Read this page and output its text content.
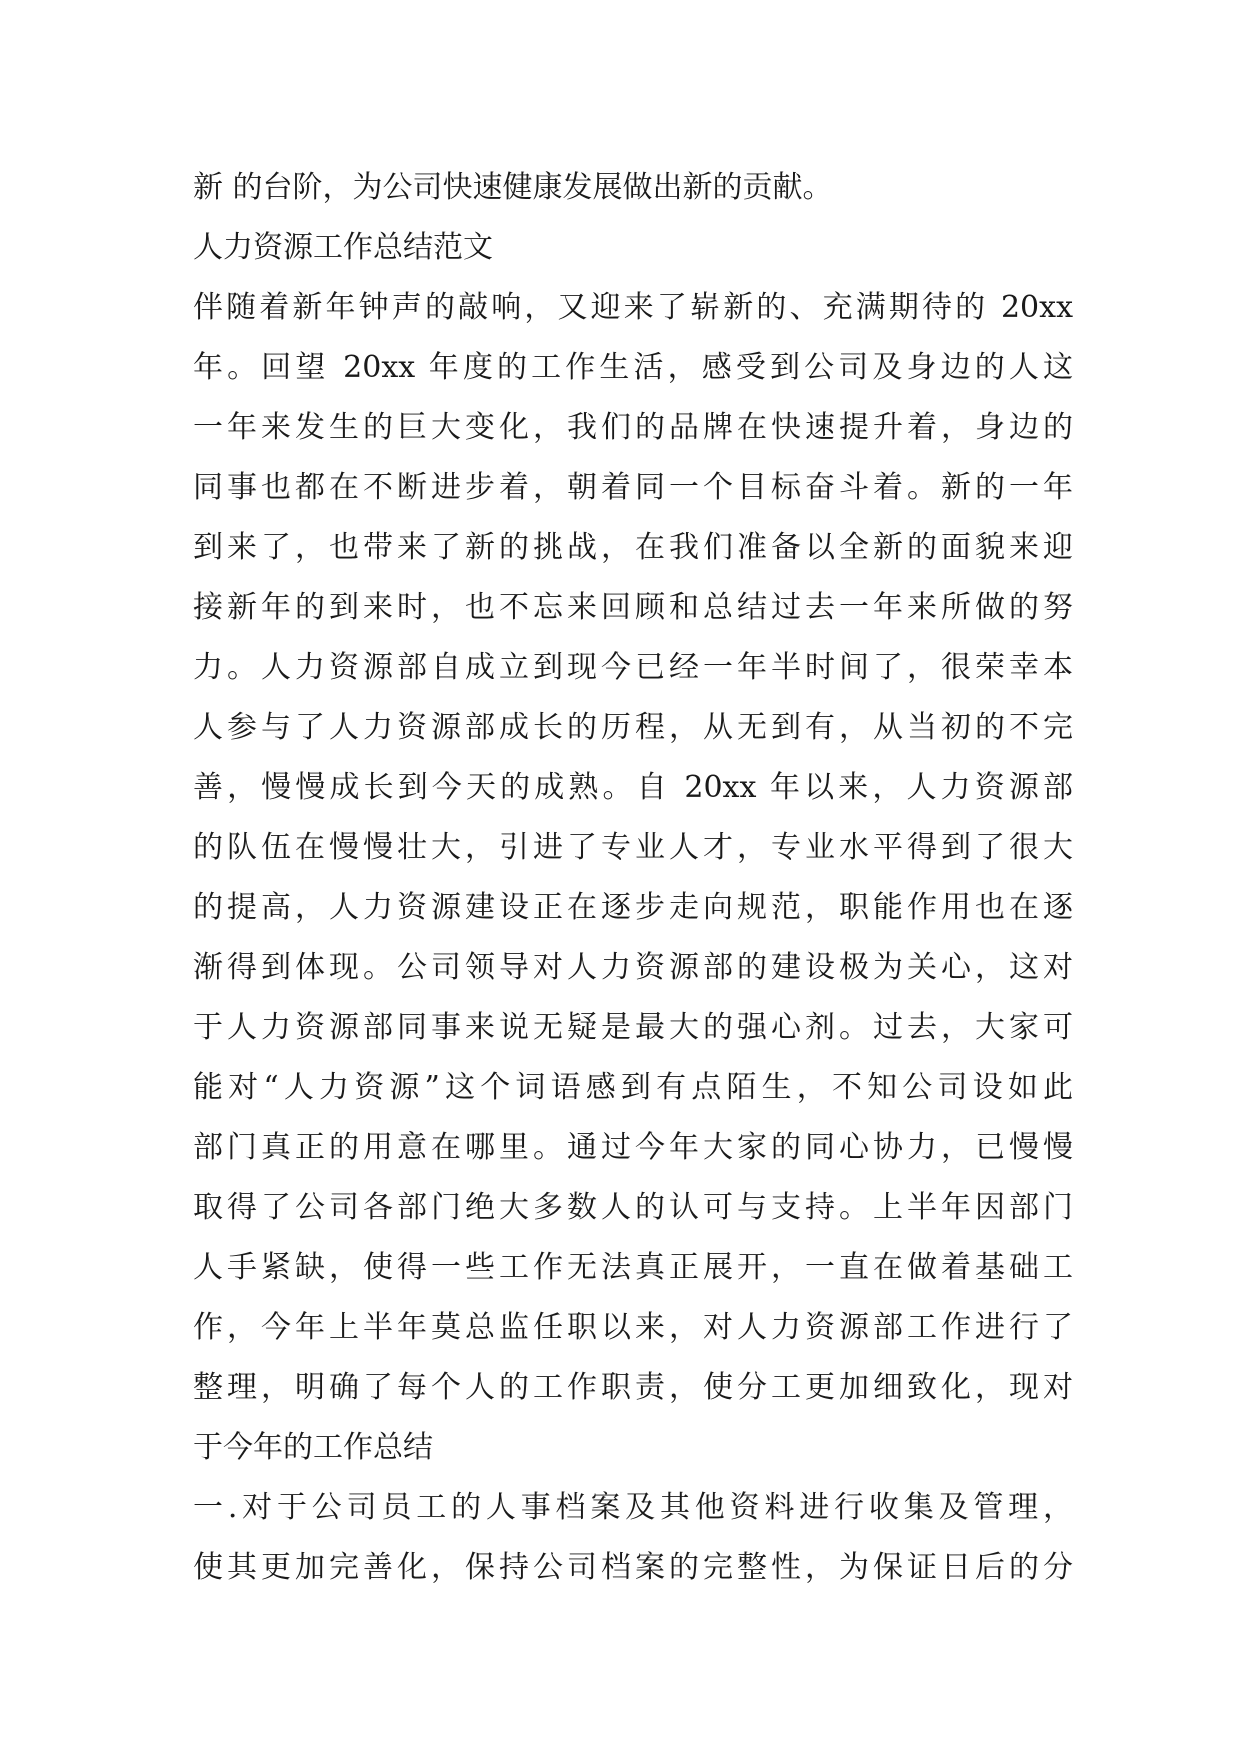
新 的台阶，为公司快速健康发展做出新的贡献。
人力资源工作总结范文
伴随着新年钟声的敲响，又迎来了崭新的、充满期待的 20xx
年。回望 20xx 年度的工作生活，感受到公司及身边的人这
一年来发生的巨大变化，我们的品牌在快速提升着，身边的
同事也都在不断进步着，朝着同一个目标奋斗着。新的一年
到来了，也带来了新的挑战，在我们准备以全新的面貌来迎
接新年的到来时，也不忘来回顾和总结过去一年来所做的努
力。人力资源部自成立到现今已经一年半时间了，很荣幸本
人参与了人力资源部成长的历程，从无到有，从当初的不完
善，慢慢成长到今天的成熟。自 20xx 年以来，人力资源部
的队伍在慢慢壮大，引进了专业人才，专业水平得到了很大
的提高，人力资源建设正在逐步走向规范，职能作用也在逐
渐得到体现。公司领导对人力资源部的建设极为关心，这对
于人力资源部同事来说无疑是最大的强心剂。过去，大家可
能对“人力资源”这个词语感到有点陌生，不知公司设如此
部门真正的用意在哪里。通过今年大家的同心协力，已慢慢
取得了公司各部门绝大多数人的认可与支持。上半年因部门
人手紧缺，使得一些工作无法真正展开，一直在做着基础工
作，今年上半年莫总监任职以来，对人力资源部工作进行了
整理，明确了每个人的工作职责，使分工更加细致化，现对
于今年的工作总结
一.对于公司员工的人事档案及其他资料进行收集及管理，
使其更加完善化，保持公司档案的完整性，为保证日后的分
